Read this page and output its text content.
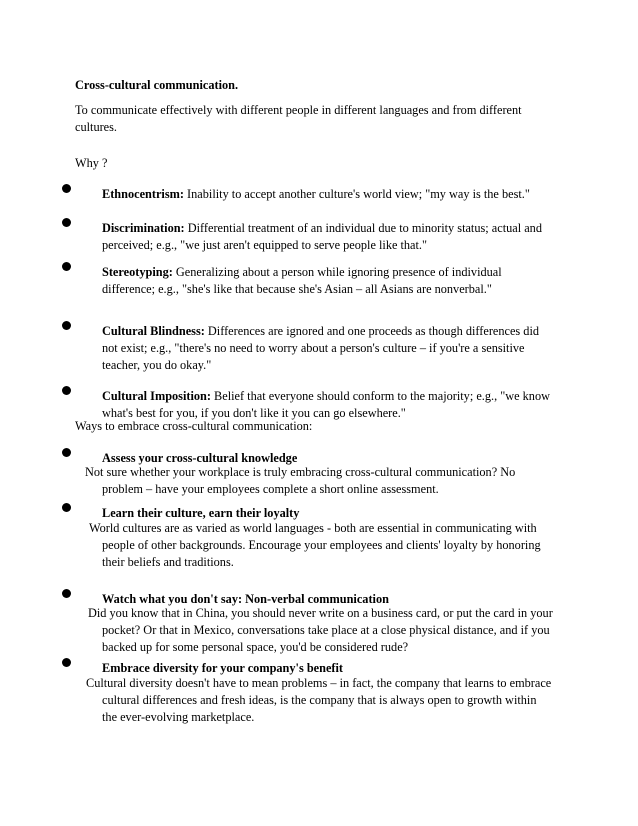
Cross-cultural communication.
To communicate effectively with different people in different languages and from different
cultures.
Why ?
Ethnocentrism: Inability to accept another culture's world view; "my way is the best."
Discrimination: Differential treatment of an individual due to minority status; actual and
perceived; e.g., "we just aren't equipped to serve people like that."
Stereotyping: Generalizing about a person while ignoring presence of individual
difference; e.g., "she's like that because she's Asian – all Asians are nonverbal."
Cultural Blindness: Differences are ignored and one proceeds as though differences did
not exist; e.g., "there's no need to worry about a person's culture – if you're a sensitive
teacher, you do okay."
Cultural Imposition: Belief that everyone should conform to the majority; e.g., "we know
what's best for you, if you don't like it you can go elsewhere."
Ways to embrace cross-cultural communication:
Assess your cross-cultural knowledge
Not sure whether your workplace is truly embracing cross-cultural communication? No
problem – have your employees complete a short online assessment.
Learn their culture, earn their loyalty
World cultures are as varied as world languages - both are essential in communicating with
people of other backgrounds. Encourage your employees and clients' loyalty by honoring
their beliefs and traditions.
Watch what you don't say: Non-verbal communication
Did you know that in China, you should never write on a business card, or put the card in your
pocket? Or that in Mexico, conversations take place at a close physical distance, and if you
backed up for some personal space, you'd be considered rude?
Embrace diversity for your company's benefit
Cultural diversity doesn't have to mean problems – in fact, the company that learns to embrace
cultural differences and fresh ideas, is the company that is always open to growth within
the ever-evolving marketplace.
